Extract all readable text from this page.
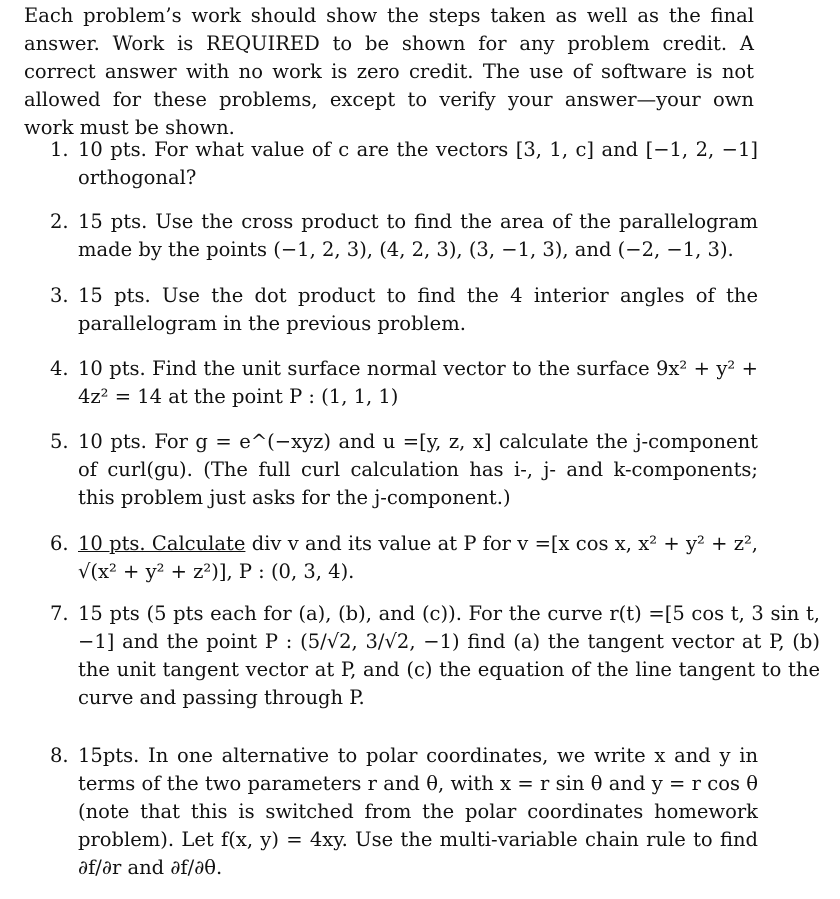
Each problem’s work should show the steps taken as well as the final answer. Work is REQUIRED to be shown for any problem credit. A correct answer with no work is zero credit. The use of software is not allowed for these problems, except to verify your answer—your own work must be shown.
1. 10 pts. For what value of c are the vectors [3, 1, c] and [−1, 2, −1] orthogonal?
2. 15 pts. Use the cross product to find the area of the parallelogram made by the points (−1, 2, 3), (4, 2, 3), (3, −1, 3), and (−2, −1, 3).
3. 15 pts. Use the dot product to find the 4 interior angles of the parallelogram in the previous problem.
4. 10 pts. Find the unit surface normal vector to the surface 9x² + y² + 4z² = 14 at the point P : (1, 1, 1)
5. 10 pts. For g = e^(−xyz) and u =[y, z, x] calculate the j-component of curl(gu). (The full curl calculation has i-, j- and k-components; this problem just asks for the j-component.)
6. 10 pts. Calculate div v and its value at P for v =[x cos x, x² + y² + z², √(x² + y² + z²)], P : (0, 3, 4).
7. 15 pts (5 pts each for (a), (b), and (c)). For the curve r(t) =[5 cos t, 3 sin t, −1] and the point P : (5/√2, 3/√2, −1) find (a) the tangent vector at P, (b) the unit tangent vector at P, and (c) the equation of the line tangent to the curve and passing through P.
8. 15pts. In one alternative to polar coordinates, we write x and y in terms of the two parameters r and θ, with x = r sin θ and y = r cos θ (note that this is switched from the polar coordinates homework problem). Let f(x, y) = 4xy. Use the multi-variable chain rule to find ∂f/∂r and ∂f/∂θ.
